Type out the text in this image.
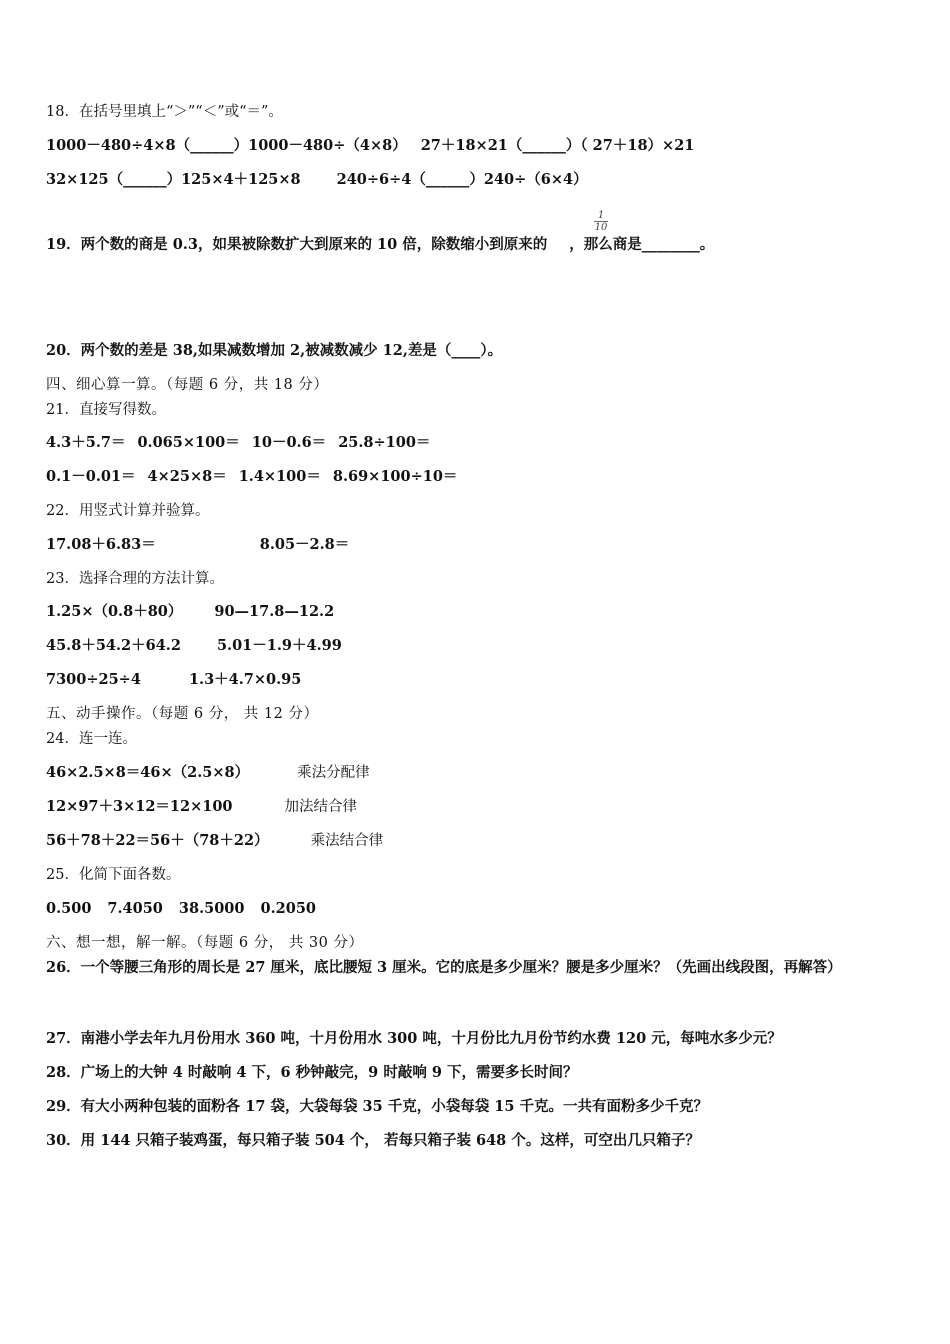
18．在括号里填上“＞”“＜”或“＝”。
1000－480÷4×8（______）1000－480÷（4×8） 27＋18×21（______）（ 27＋18）×21
32×125（______）125×4＋125×8 240÷6÷4（______）240÷（6×4）
19．两个数的商是 0.3，如果被除数扩大到原来的 10 倍，除数缩小到原来的 ，那么商是________。
1
10
20．两个数的差是 38,如果减数增加 2,被减数减少 12,差是（____）。
四、细心算一算。（每题 6 分，共 18 分）
21．直接写得数。
4.3＋5.7＝ 0.065×100＝ 10－0.6＝ 25.8÷100＝
0.1－0.01＝ 4×25×8＝ 1.4×100＝ 8.69×100÷10＝
22．用竖式计算并验算。
17.08＋6.83＝	8.05－2.8＝
23．选择合理的方法计算。
1.25×（0.8＋80） 90—17.8—12.2
45.8＋54.2＋64.2 5.01－1.9＋4.99
7300÷25÷4	1.3＋4.7×0.95
五、动手操作。（每题 6 分， 共 12 分）
24．连一连。
46×2.5×8＝46×（2.5×8）	乘法分配律
12×97＋3×12＝12×100	加法结合律
56＋78＋22＝56＋（78＋22）	乘法结合律
25．化简下面各数。
0.500 7.4050 38.5000 0.2050
六、想一想，解一解。（每题 6 分， 共 30 分）
26．一个等腰三角形的周长是 27 厘米，底比腰短 3 厘米。它的底是多少厘米？腰是多少厘米？（先画出线段图，再解答）
27．南港小学去年九月份用水 360 吨，十月份用水 300 吨，十月份比九月份节约水费 120 元，每吨水多少元？
28．广场上的大钟 4 时敲响 4 下，6 秒钟敲完，9 时敲响 9 下，需要多长时间？
29．有大小两种包装的面粉各 17 袋，大袋每袋 35 千克，小袋每袋 15 千克。一共有面粉多少千克？
30．用 144 只箱子装鸡蛋，每只箱子装 504 个， 若每只箱子装 648 个。这样，可空出几只箱子？
